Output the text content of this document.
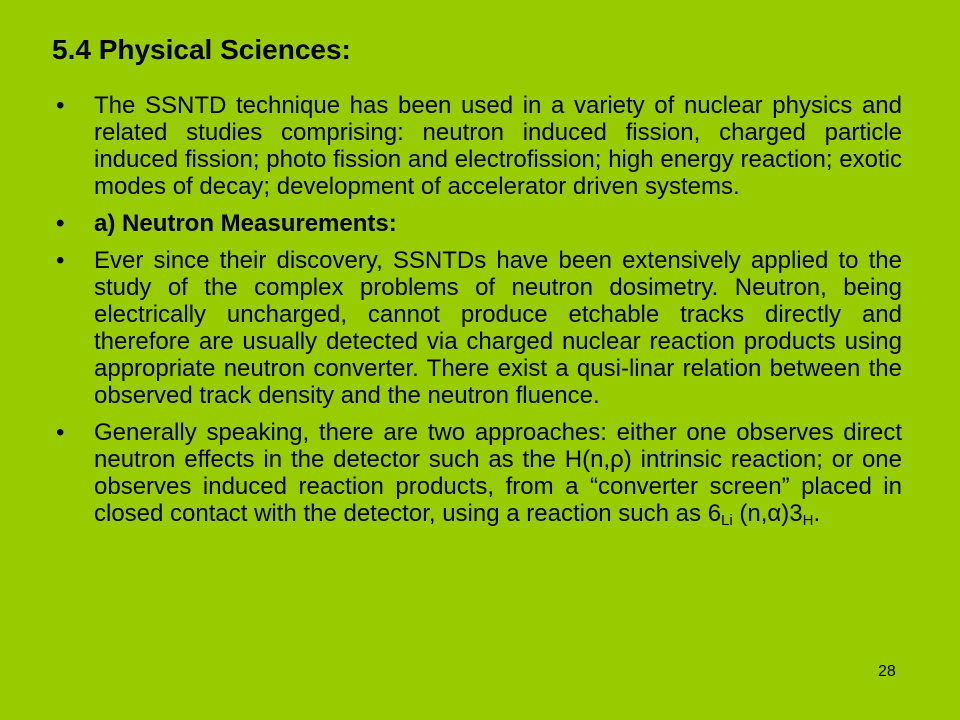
5.4 Physical Sciences:
• The SSNTD technique has been used in a variety of nuclear physics and related studies comprising: neutron induced fission, charged particle induced fission; photo fission and electrofission; high energy reaction; exotic modes of decay; development of accelerator driven systems.
• a) Neutron Measurements:
• Ever since their discovery, SSNTDs have been extensively applied to the study of the complex problems of neutron dosimetry. Neutron, being electrically uncharged, cannot produce etchable tracks directly and therefore are usually detected via charged nuclear reaction products using appropriate neutron converter. There exist a qusi-linar relation between the observed track density and the neutron fluence.
• Generally speaking, there are two approaches: either one observes direct neutron effects in the detector such as the H(n,ρ) intrinsic reaction; or one observes induced reaction products, from a “converter screen” placed in closed contact with the detector, using a reaction such as 6Li (n,α)3H.
28
